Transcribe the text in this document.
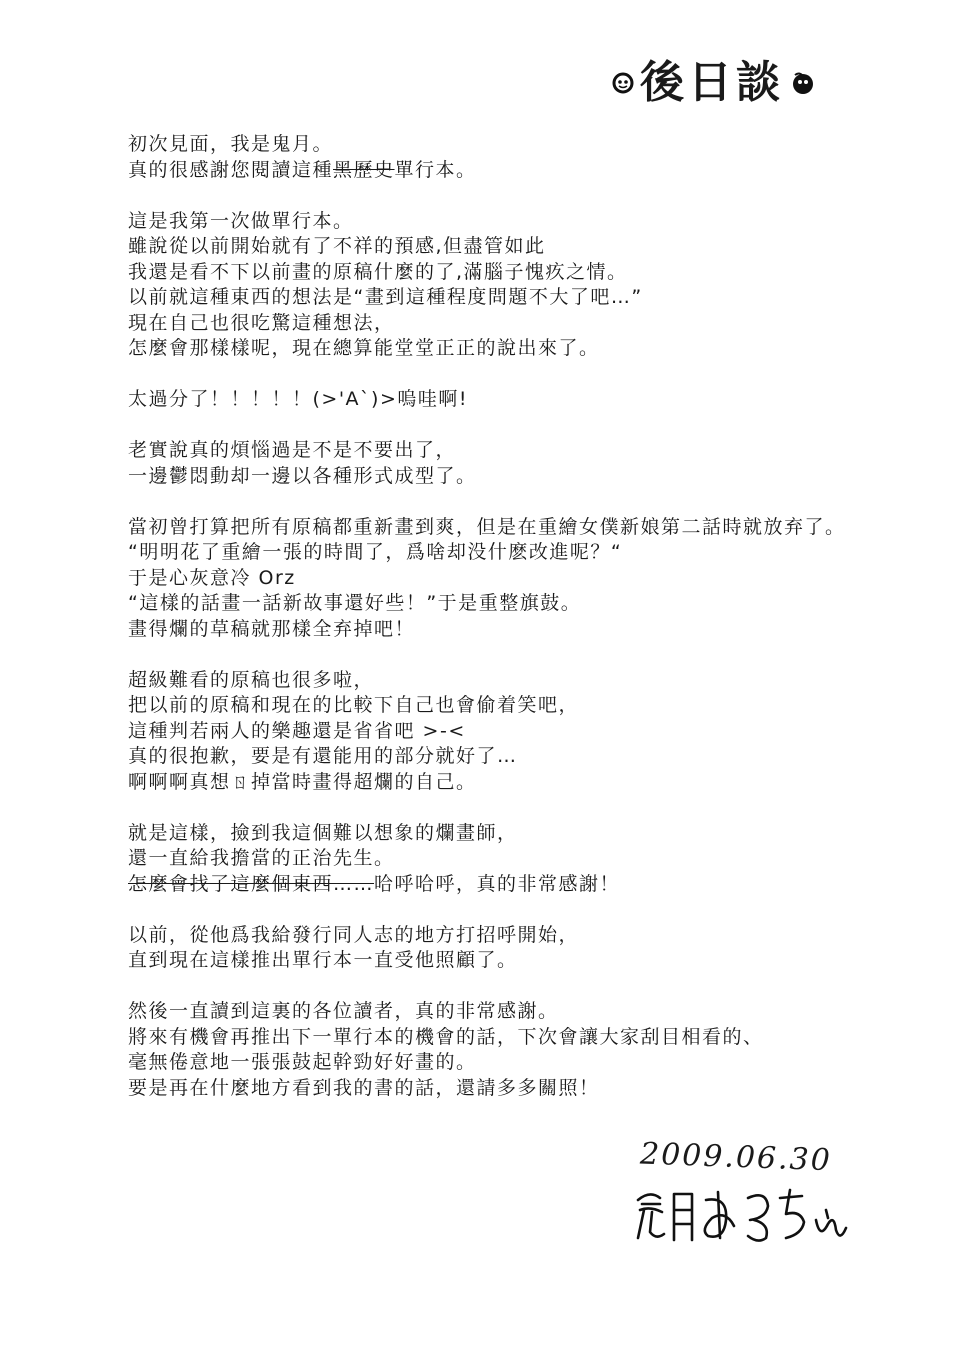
後日談
初次見面，我是鬼月。
真的很感謝您閱讀這種黑歷史單行本。
這是我第一次做單行本。
雖說從以前開始就有了不祥的預感,但盡管如此
我還是看不下以前畫的原稿什麼的了,滿腦子愧疚之情。
以前就這種東西的想法是“畫到這種程度問題不大了吧…”
現在自己也很吃驚這種想法，
怎麼會那樣樣呢，現在總算能堂堂正正的說出來了。
太過分了！！！！！(>'A`)>嗚哇啊!
老實說真的煩惱過是不是不要出了，
一邊鬱悶動却一邊以各種形式成型了。
當初曾打算把所有原稿都重新畫到爽，但是在重繪女僕新娘第二話時就放弃了。
“明明花了重繪一張的時間了，爲啥却没什麽改進呢？“
于是心灰意冷 Orz
“這樣的話畫一話新故事還好些！”于是重整旗鼓。
畫得爛的草稿就那樣全弃掉吧！
超級難看的原稿也很多啦，
把以前的原稿和現在的比較下自己也會偷着笑吧，
這種判若兩人的樂趣還是省省吧 >-<
真的很抱歉，要是有還能用的部分就好了…
啊啊啊真想ㄖ掉當時畫得超爛的自己。
就是這樣，撿到我這個難以想象的爛畫師，
還一直給我擔當的正治先生。
怎麼會找了這麼個東西……哈呼哈呼，真的非常感謝！
以前，從他爲我給發行同人志的地方打招呼開始，
直到現在這樣推出單行本一直受他照顧了。
然後一直讀到這裏的各位讀者，真的非常感謝。
將來有機會再推出下一單行本的機會的話，下次會讓大家刮目相看的、
毫無倦意地一張張鼓起幹勁好好畫的。
要是再在什麼地方看到我的書的話，還請多多關照！
2009.06.30
